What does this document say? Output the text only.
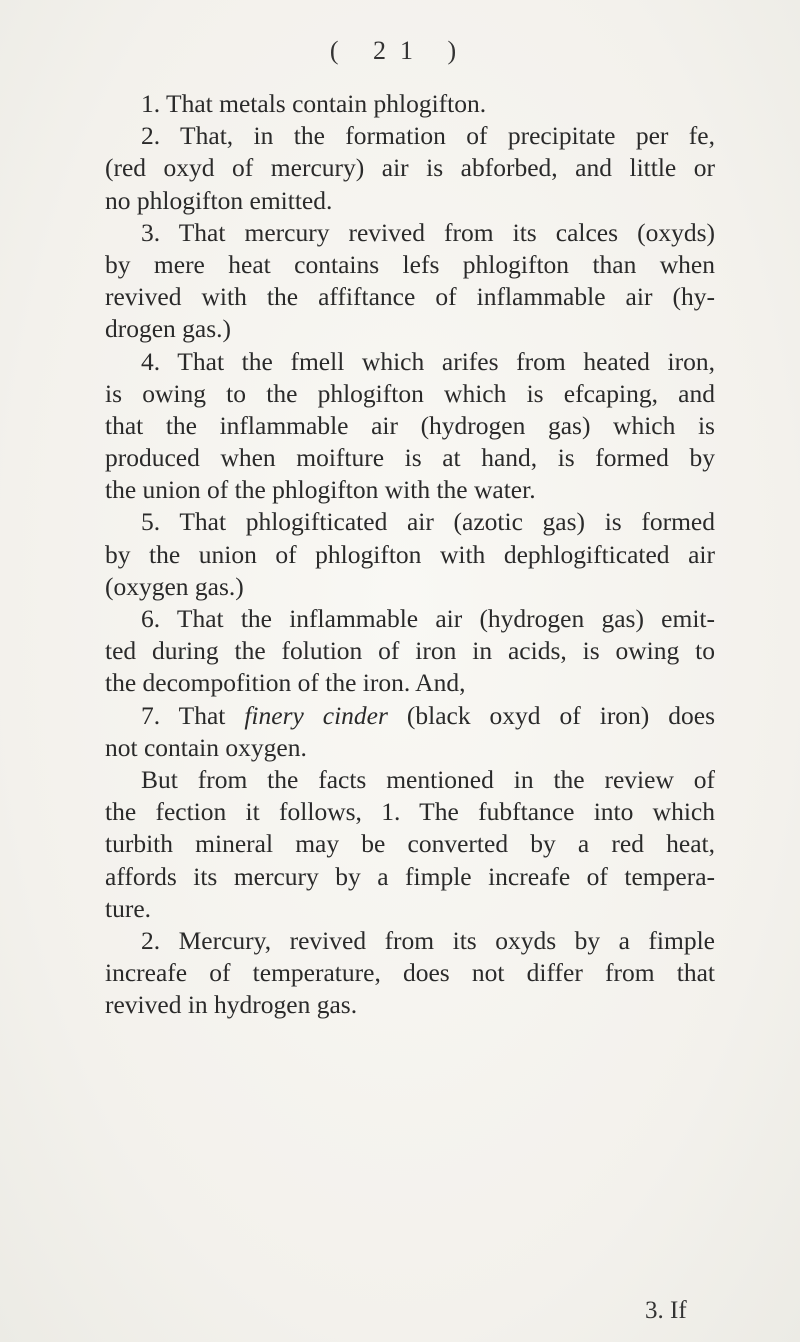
( 21 )
1. That metals contain phlogifton.
2. That, in the formation of precipitate per fe,
(red oxyd of mercury) air is abforbed, and little or
no phlogifton emitted.
3. That mercury revived from its calces (oxyds)
by mere heat contains lefs phlogifton than when
revived with the affiftance of inflammable air (hy-
drogen gas.)
4. That the fmell which arifes from heated iron,
is owing to the phlogifton which is efcaping, and
that the inflammable air (hydrogen gas) which is
produced when moifture is at hand, is formed by
the union of the phlogifton with the water.
5. That phlogifticated air (azotic gas) is formed
by the union of phlogifton with dephlogifticated air
(oxygen gas.)
6. That the inflammable air (hydrogen gas) emit-
ted during the folution of iron in acids, is owing to
the decompofition of the iron. And,
7. That finery cinder (black oxyd of iron) does
not contain oxygen.
But from the facts mentioned in the review of
the fection it follows, 1. The fubftance into which
turbith mineral may be converted by a red heat,
affords its mercury by a fimple increafe of tempera-
ture.
2. Mercury, revived from its oxyds by a fimple
increafe of temperature, does not differ from that
revived in hydrogen gas.
3. If
